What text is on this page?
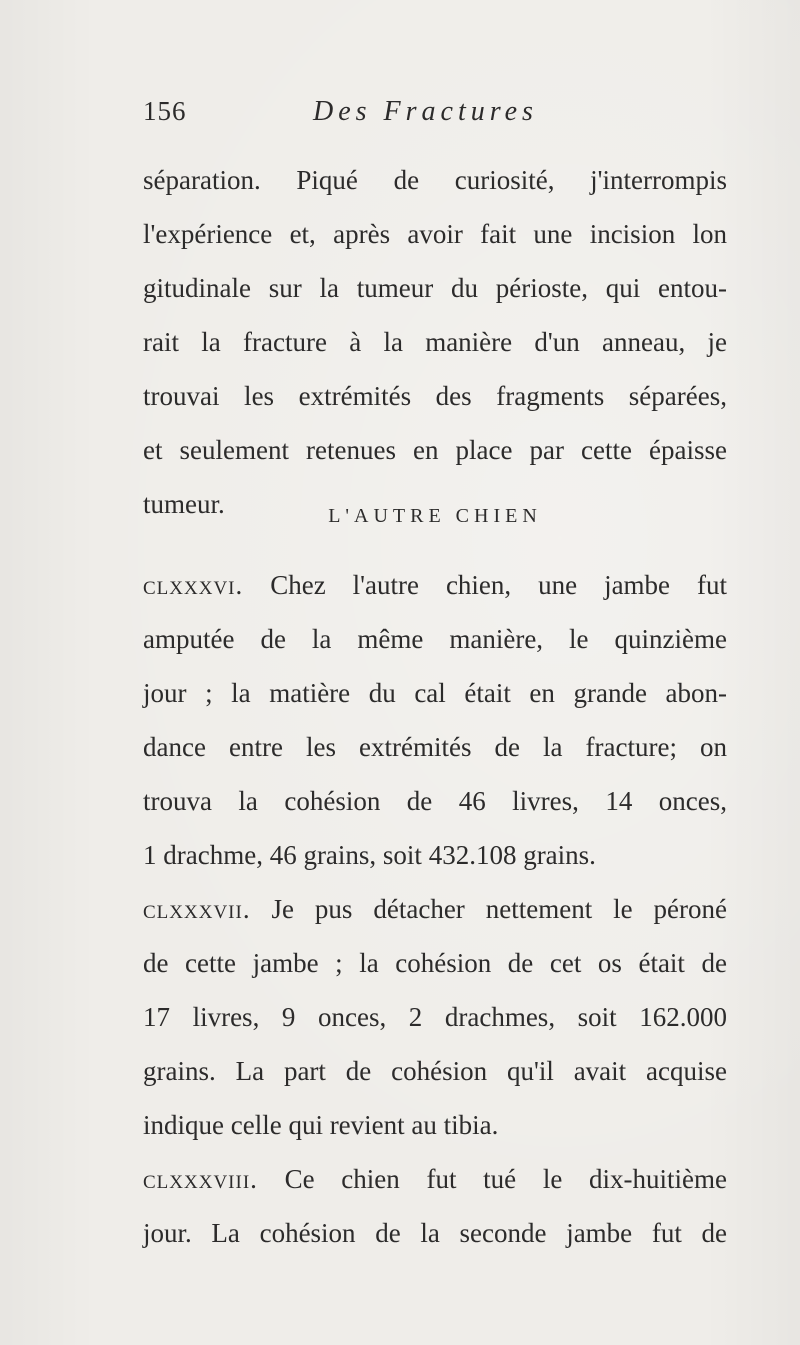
156	Des Fractures
séparation. Piqué de curiosité, j'interrompis
l'expérience et, après avoir fait une incision lon
gitudinale sur la tumeur du périoste, qui entou-
rait la fracture à la manière d'un anneau, je
trouvai les extrémités des fragments séparées,
et seulement retenues en place par cette épaisse
tumeur.	L'AUTRE CHIEN
clxxxvi. Chez l'autre chien, une jambe fut
amputée de la même manière, le quinzième
jour ; la matière du cal était en grande abon-
dance entre les extrémités de la fracture; on
trouva la cohésion de 46 livres, 14 onces,
1 drachme, 46 grains, soit 432.108 grains.
clxxxvii. Je pus détacher nettement le péroné
de cette jambe ; la cohésion de cet os était de
17 livres, 9 onces, 2 drachmes, soit 162.000
grains. La part de cohésion qu'il avait acquise
indique celle qui revient au tibia.
clxxxviii. Ce chien fut tué le dix-huitième
jour. La cohésion de la seconde jambe fut de
